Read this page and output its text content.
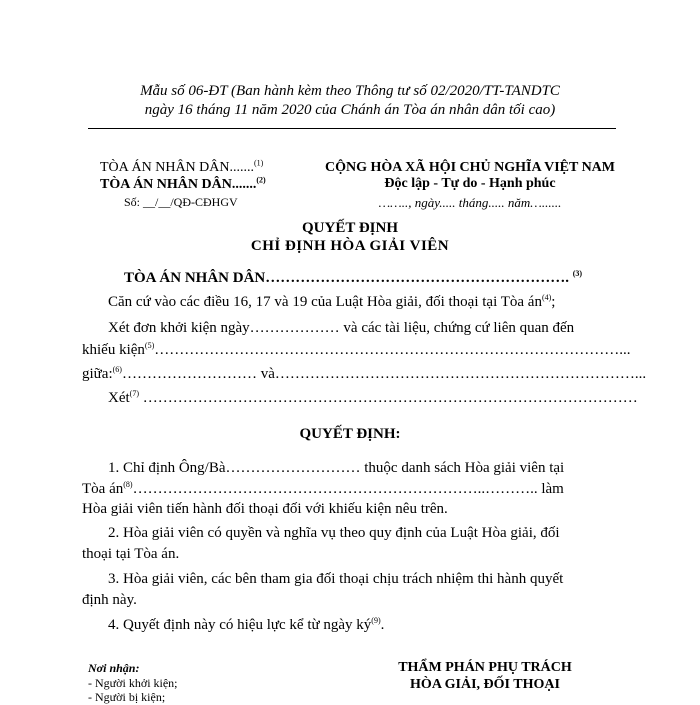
Mẫu số 06-ĐT (Ban hành kèm theo Thông tư số 02/2020/TT-TANDTC
ngày 16 tháng 11 năm 2020 của Chánh án Tòa án nhân dân tối cao)
TÒA ÁN NHÂN DÂN.......$^{(1)}$
TÒA ÁN NHÂN DÂN.......$^{(2)}$
Số: __/__/QĐ-CĐHGV
CỘNG HÒA XÃ HỘI CHỦ NGHĨA VIỆT NAM
Độc lập - Tự do - Hạnh phúc
…….., ngày..... tháng..... năm…......
QUYẾT ĐỊNH
CHỈ ĐỊNH HÒA GIẢI VIÊN
TÒA ÁN NHÂN DÂN……………………………………………………. $^{(3)}$
Căn cứ vào các điều 16, 17 và 19 của Luật Hòa giải, đối thoại tại Tòa $án^{(4)}$;
Xét đơn khởi kiện ngày……………… và các tài liệu, chứng cứ liên quan đến
khiếu kiện$^{(5)}$…………………………………………………………………………………...
giữa:$^{(6)}$……………………… và………………………………………………………………...
Xét$^{(7)}$ ………………………………………………………………………………………
QUYẾT ĐỊNH:
1. Chỉ định Ông/Bà……………………… thuộc danh sách Hòa giải viên tại
Tòa $án^{(8)}\dots\dots\dots\dots\dots\dots\dots\dots\dots\dots\dots\dots\dots\dots\dots\dots\dots\dots\dots\dots\dots\dots\dots..\dots\dots\dots$.. làm
Hòa giải viên tiến hành đối thoại đối với khiếu kiện nêu trên.
2. Hòa giải viên có quyền và nghĩa vụ theo quy định của Luật Hòa giải, đối
thoại tại Tòa án.
3. Hòa giải viên, các bên tham gia đối thoại chịu trách nhiệm thi hành quyết
định này.
4. Quyết định này có hiệu lực kể từ ngày $ký^{(9)}$.
Nơi nhận:
- Người khởi kiện;
- Người bị kiện;
THẨM PHÁN PHỤ TRÁCH
HÒA GIẢI, ĐỐI THOẠI
